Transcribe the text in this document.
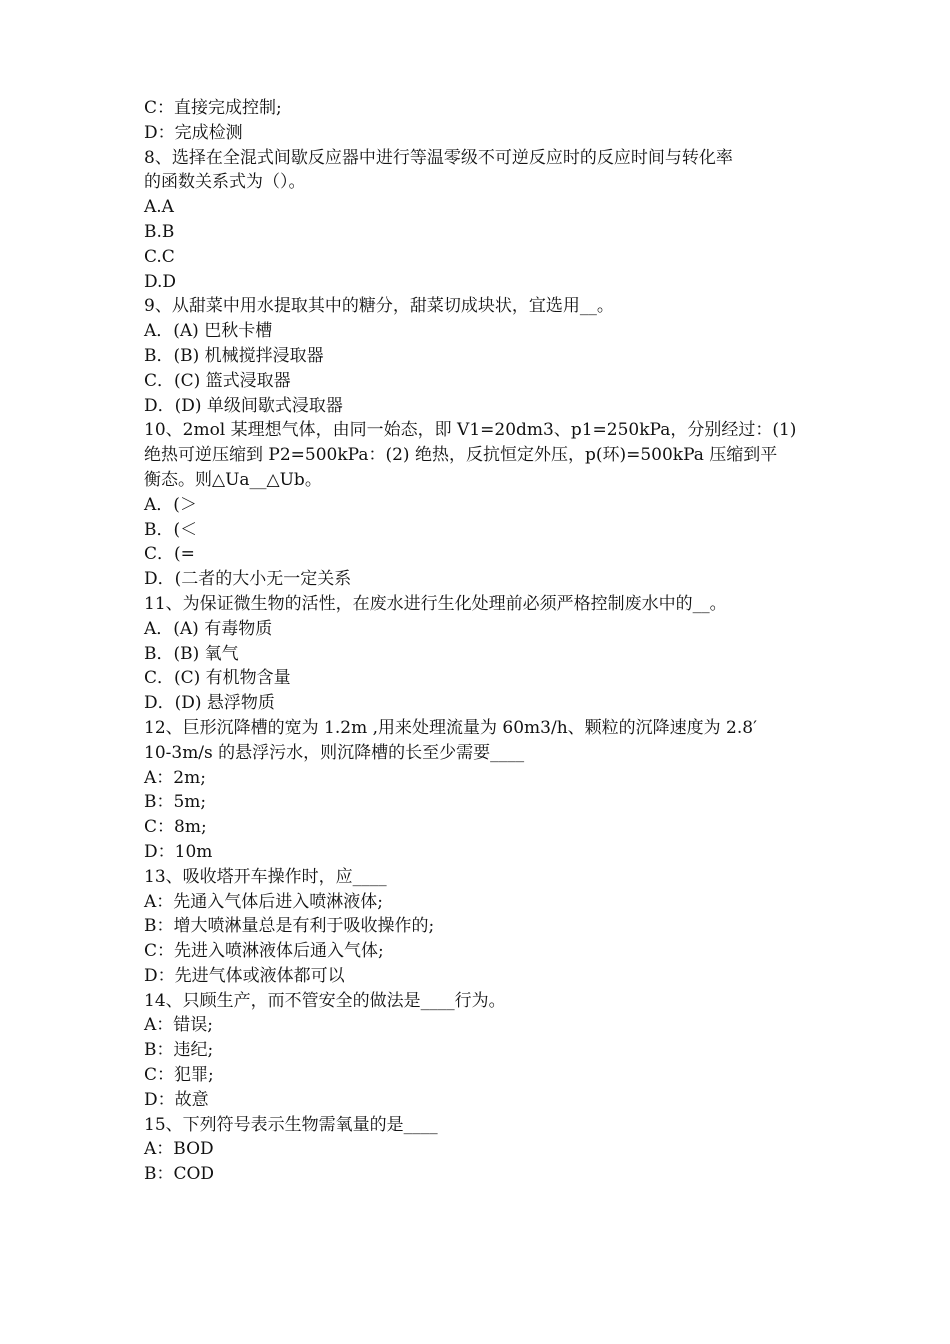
C：直接完成控制;
D：完成检测
8、选择在全混式间歇反应器中进行等温零级不可逆反应时的反应时间与转化率
的函数关系式为（）。
A.A
B.B
C.C
D.D
9、从甜菜中用水提取其中的糖分，甜菜切成块状，宜选用__。
A．(A) 巴秋卡槽
B．(B) 机械搅拌浸取器
C．(C) 篮式浸取器
D．(D) 单级间歇式浸取器
10、2mol 某理想气体，由同一始态，即 V1=20dm3、p1=250kPa，分别经过：(1)
绝热可逆压缩到 P2=500kPa：(2) 绝热，反抗恒定外压，p(环)=500kPa 压缩到平
衡态。则△Ua__△Ub。
A．(＞
B．(＜
C．(=
D．(二者的大小无一定关系
11、为保证微生物的活性，在废水进行生化处理前必须严格控制废水中的__。
A．(A) 有毒物质
B．(B) 氧气
C．(C) 有机物含量
D．(D) 悬浮物质
12、巨形沉降槽的宽为 1.2m ,用来处理流量为 60m3/h、颗粒的沉降速度为 2.8′
10-3m/s 的悬浮污水，则沉降槽的长至少需要____
A：2m;
B：5m;
C：8m;
D：10m
13、吸收塔开车操作时，应____
A：先通入气体后进入喷淋液体;
B：增大喷淋量总是有利于吸收操作的;
C：先进入喷淋液体后通入气体;
D：先进气体或液体都可以
14、只顾生产，而不管安全的做法是____行为。
A：错误;
B：违纪;
C：犯罪;
D：故意
15、下列符号表示生物需氧量的是____
A：BOD
B：COD
